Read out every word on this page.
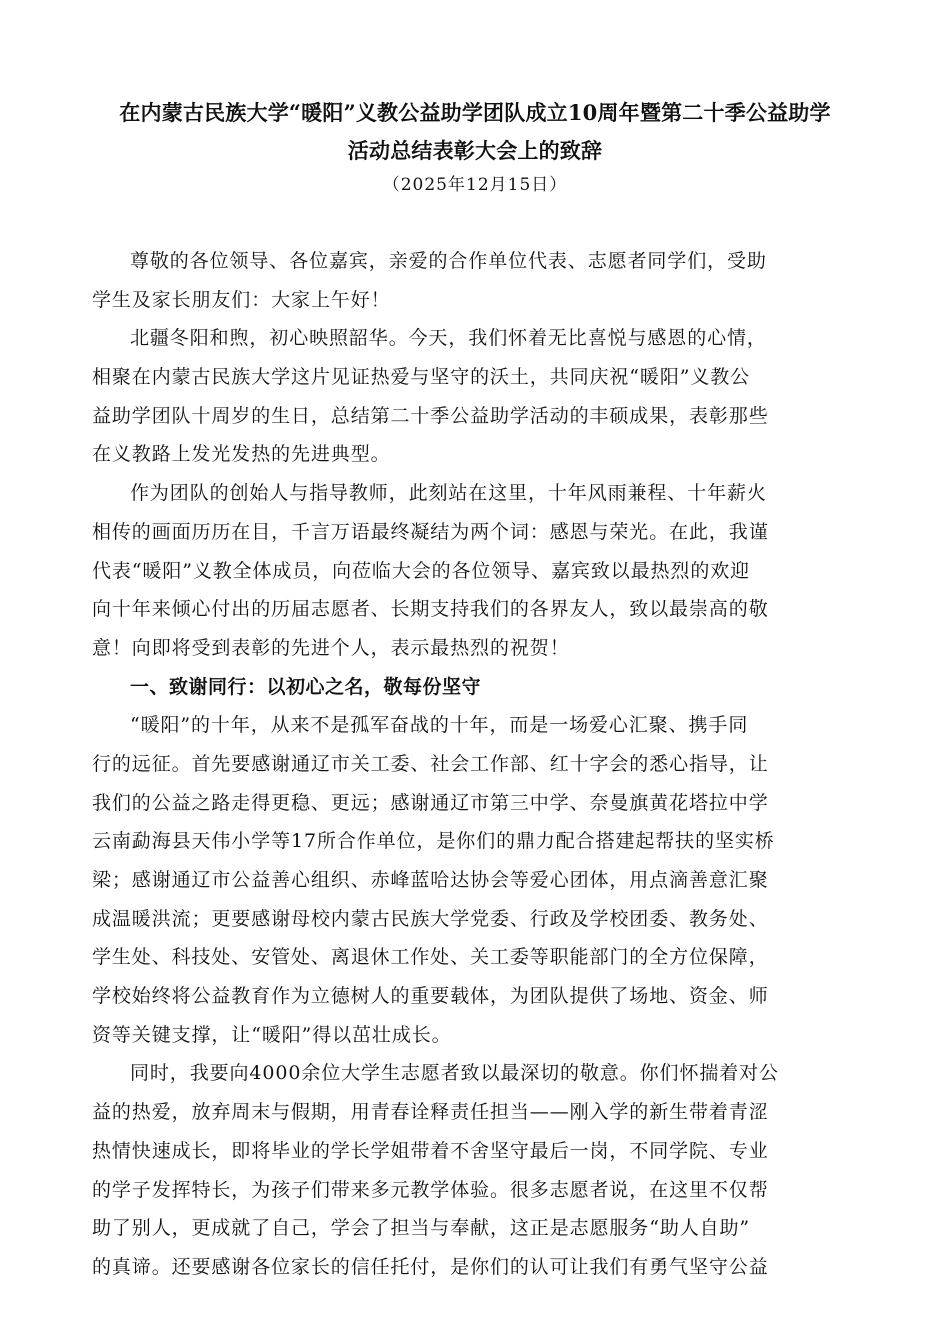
在内蒙古民族大学“暖阳”义教公益助学团队成立10周年暨第二十季公益助学
活动总结表彰大会上的致辞
（2025年12月15日）
尊敬的各位领导、各位嘉宾，亲爱的合作单位代表、志愿者同学们，受助
学生及家长朋友们：大家上午好！
北疆冬阳和煦，初心映照韶华。今天，我们怀着无比喜悦与感恩的心情，
相聚在内蒙古民族大学这片见证热爱与坚守的沃土，共同庆祝“暖阳”义教公
益助学团队十周岁的生日，总结第二十季公益助学活动的丰硕成果，表彰那些
在义教路上发光发热的先进典型。
作为团队的创始人与指导教师，此刻站在这里，十年风雨兼程、十年薪火
相传的画面历历在目，千言万语最终凝结为两个词：感恩与荣光。在此，我谨
代表“暖阳”义教全体成员，向莅临大会的各位领导、嘉宾致以最热烈的欢迎
向十年来倾心付出的历届志愿者、长期支持我们的各界友人，致以最崇高的敬
意！向即将受到表彰的先进个人，表示最热烈的祝贺！
一、致谢同行：以初心之名，敬每份坚守
“暖阳”的十年，从来不是孤军奋战的十年，而是一场爱心汇聚、携手同
行的远征。首先要感谢通辽市关工委、社会工作部、红十字会的悉心指导，让
我们的公益之路走得更稳、更远；感谢通辽市第三中学、奈曼旗黄花塔拉中学
云南勐海县天伟小学等17所合作单位，是你们的鼎力配合搭建起帮扶的坚实桥
梁；感谢通辽市公益善心组织、赤峰蓝哈达协会等爱心团体，用点滴善意汇聚
成温暖洪流；更要感谢母校内蒙古民族大学党委、行政及学校团委、教务处、
学生处、科技处、安管处、离退休工作处、关工委等职能部门的全方位保障，
学校始终将公益教育作为立德树人的重要载体，为团队提供了场地、资金、师
资等关键支撑，让“暖阳”得以茁壮成长。
同时，我要向4000余位大学生志愿者致以最深切的敬意。你们怀揣着对公
益的热爱，放弃周末与假期，用青春诠释责任担当——刚入学的新生带着青涩
热情快速成长，即将毕业的学长学姐带着不舍坚守最后一岗，不同学院、专业
的学子发挥特长，为孩子们带来多元教学体验。很多志愿者说，在这里不仅帮
助了别人，更成就了自己，学会了担当与奉献，这正是志愿服务“助人自助”
的真谛。还要感谢各位家长的信任托付，是你们的认可让我们有勇气坚守公益
